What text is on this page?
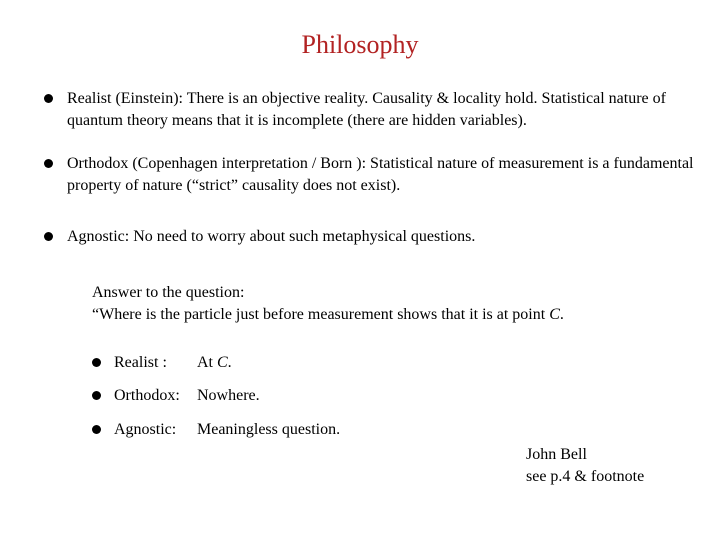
Philosophy
Realist (Einstein): There is an objective reality. Causality & locality hold. Statistical nature of quantum theory means that it is incomplete (there are hidden variables).
Orthodox (Copenhagen interpretation / Born ): Statistical nature of measurement is a fundamental property of nature (“strict” causality does not exist).
Agnostic: No need to worry about such metaphysical questions.
Answer to the question:
“Where is the particle just before measurement shows that it is at point C.
Realist : At C.
Orthodox: Nowhere.
Agnostic: Meaningless question.
John Bell
see p.4 & footnote
